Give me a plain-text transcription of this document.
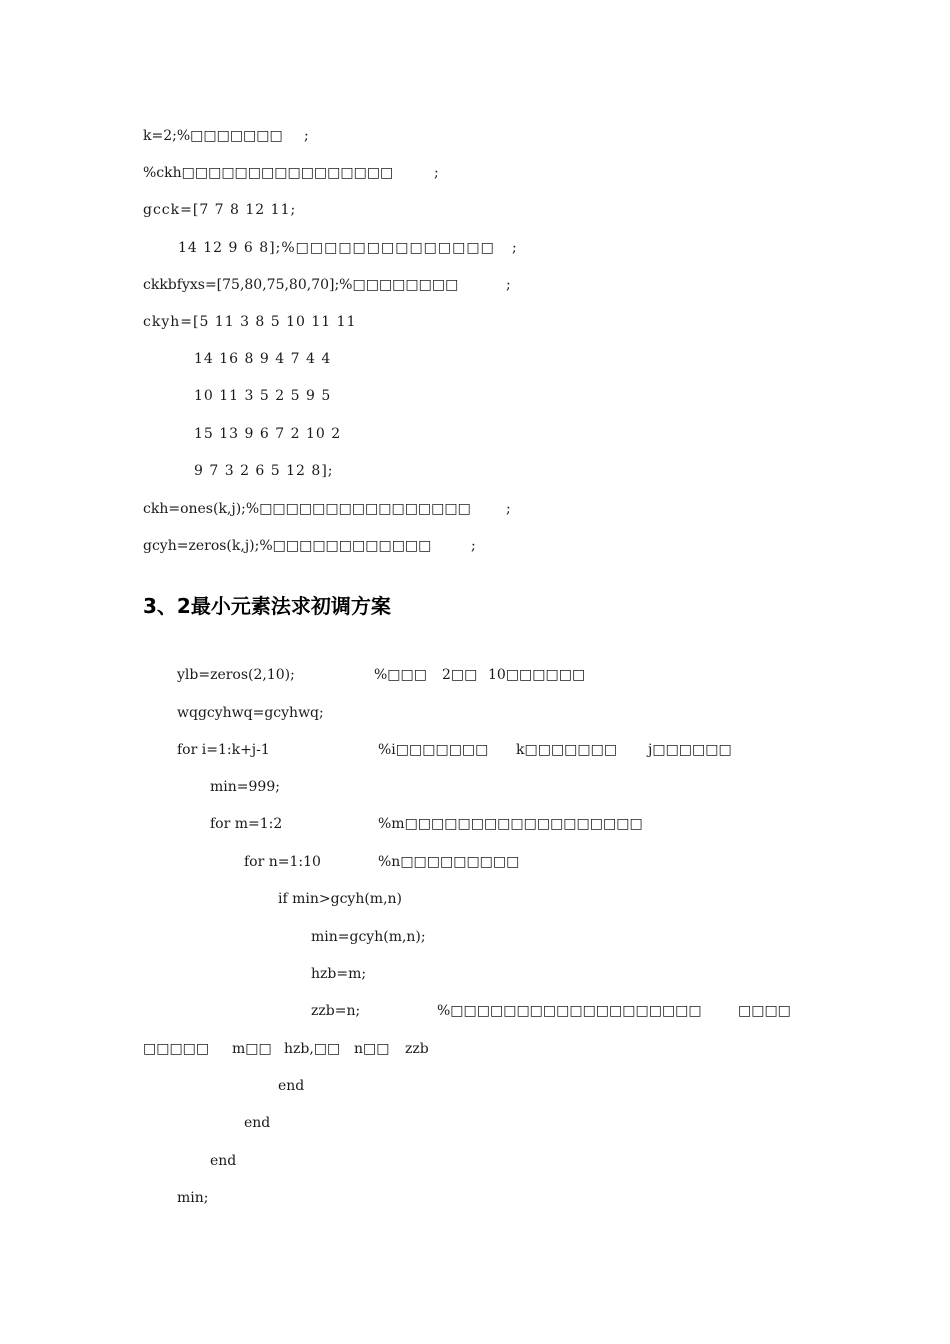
k=2;%□□□□□□□ ;
%ckh□□□□□□□□□□□□□□□□	;
gcck=[7 7 8 12 11;
14 12 9 6 8];%□□□□□□□□□□□□□□ ;
ckkbfyxs=[75,80,75,80,70];%□□□□□□□□	;
ckyh=[5 11 3 8 5 10 11 11
14 16 8 9 4 7 4 4
10 11 3 5 2 5 9 5
15 13 9 6 7 2 10 2
9 7 3 2 6 5 12 8];
ckh=ones(k,j);%□□□□□□□□□□□□□□□□	;
gcyh=zeros(k,j);%□□□□□□□□□□□□	;
3、2最小元素法求初调方案
ylb=zeros(2,10);	%□□□ 2□□ 10□□□□□□
wqgcyhwq=gcyhwq;
for i=1:k+j-1	%i□□□□□□□ k□□□□□□□ j□□□□□□
min=999;
for m=1:2	%m□□□□□□□□□□□□□□□□□□
for n=1:10	%n□□□□□□□□□
if min>gcyh(m,n)
min=gcyh(m,n);
hzb=m;
zzb=n;	%□□□□□□□□□□□□□□□□□□□	□□□□
□□□□□ m□□ hzb,□□ n□□ zzb
end
end
end
min;
